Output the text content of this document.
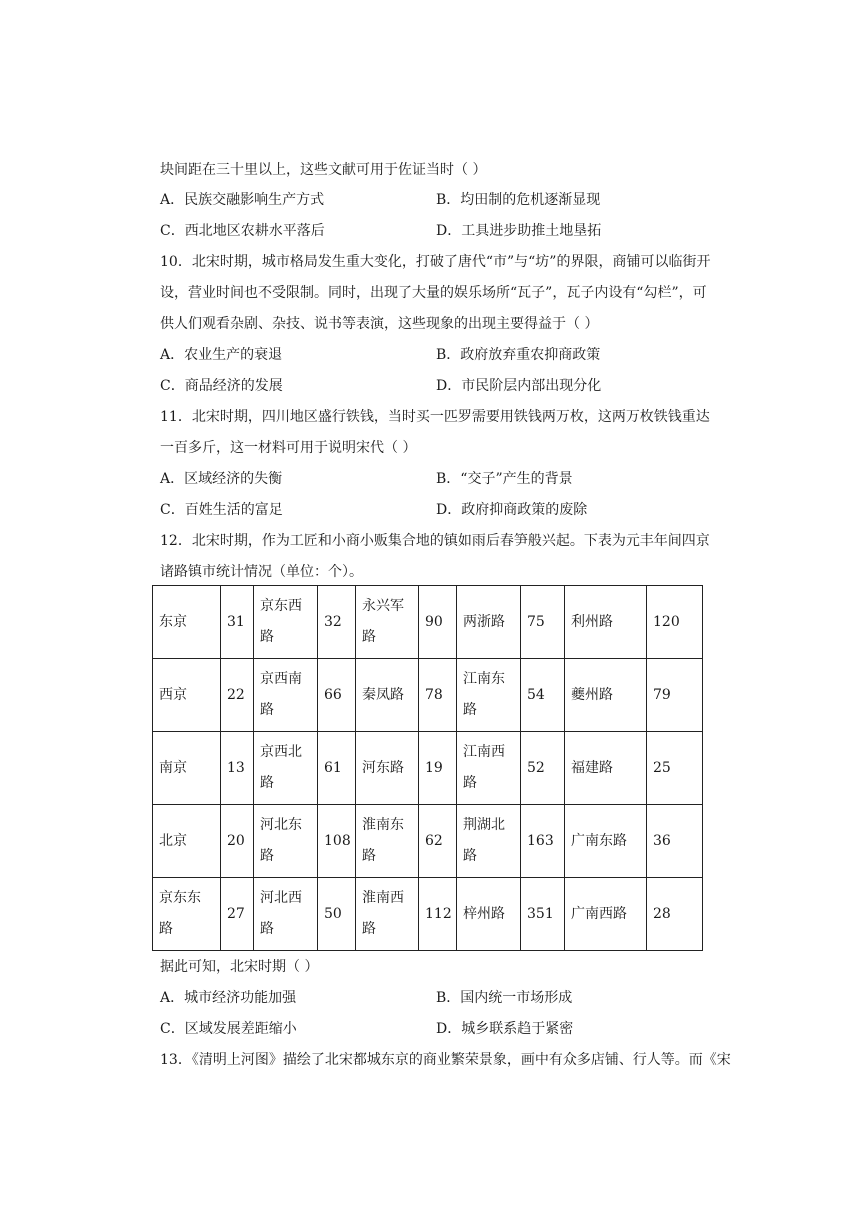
块间距在三十里以上，这些文献可用于佐证当时（ ）
A．民族交融影响生产方式	B．均田制的危机逐渐显现
C．西北地区农耕水平落后	D．工具进步助推土地垦拓
10．北宋时期，城市格局发生重大变化，打破了唐代“市”与“坊”的界限，商铺可以临街开设，营业时间也不受限制。同时，出现了大量的娱乐场所“瓦子”，瓦子内设有“勾栏”，可供人们观看杂剧、杂技、说书等表演，这些现象的出现主要得益于（ ）
A．农业生产的衰退	B．政府放弃重农抑商政策
C．商品经济的发展	D．市民阶层内部出现分化
11．北宋时期，四川地区盛行铁钱，当时买一匹罗需要用铁钱两万枚，这两万枚铁钱重达一百多斤，这一材料可用于说明宋代（ ）
A．区域经济的失衡	B．“交子”产生的背景
C．百姓生活的富足	D．政府抑商政策的废除
12．北宋时期，作为工匠和小商小贩集合地的镇如雨后春笋般兴起。下表为元丰年间四京诸路镇市统计情况（单位：个）。
东京	31	京东西路	32	永兴军路	90	两浙路	75	利州路	120
西京	22	京西南路	66	秦凤路	78	江南东路	54	夔州路	79
南京	13	京西北路	61	河东路	19	江南西路	52	福建路	25
北京	20	河北东路	108	淮南东路	62	荆湖北路	163	广南东路	36
京东东路	27	河北西路	50	淮南西路	112	梓州路	351	广南西路	28
据此可知，北宋时期（ ）
A．城市经济功能加强	B．国内统一市场形成
C．区域发展差距缩小	D．城乡联系趋于紧密
13．《清明上河图》描绘了北宋都城东京的商业繁荣景象，画中有众多店铺、行人等。而《宋
